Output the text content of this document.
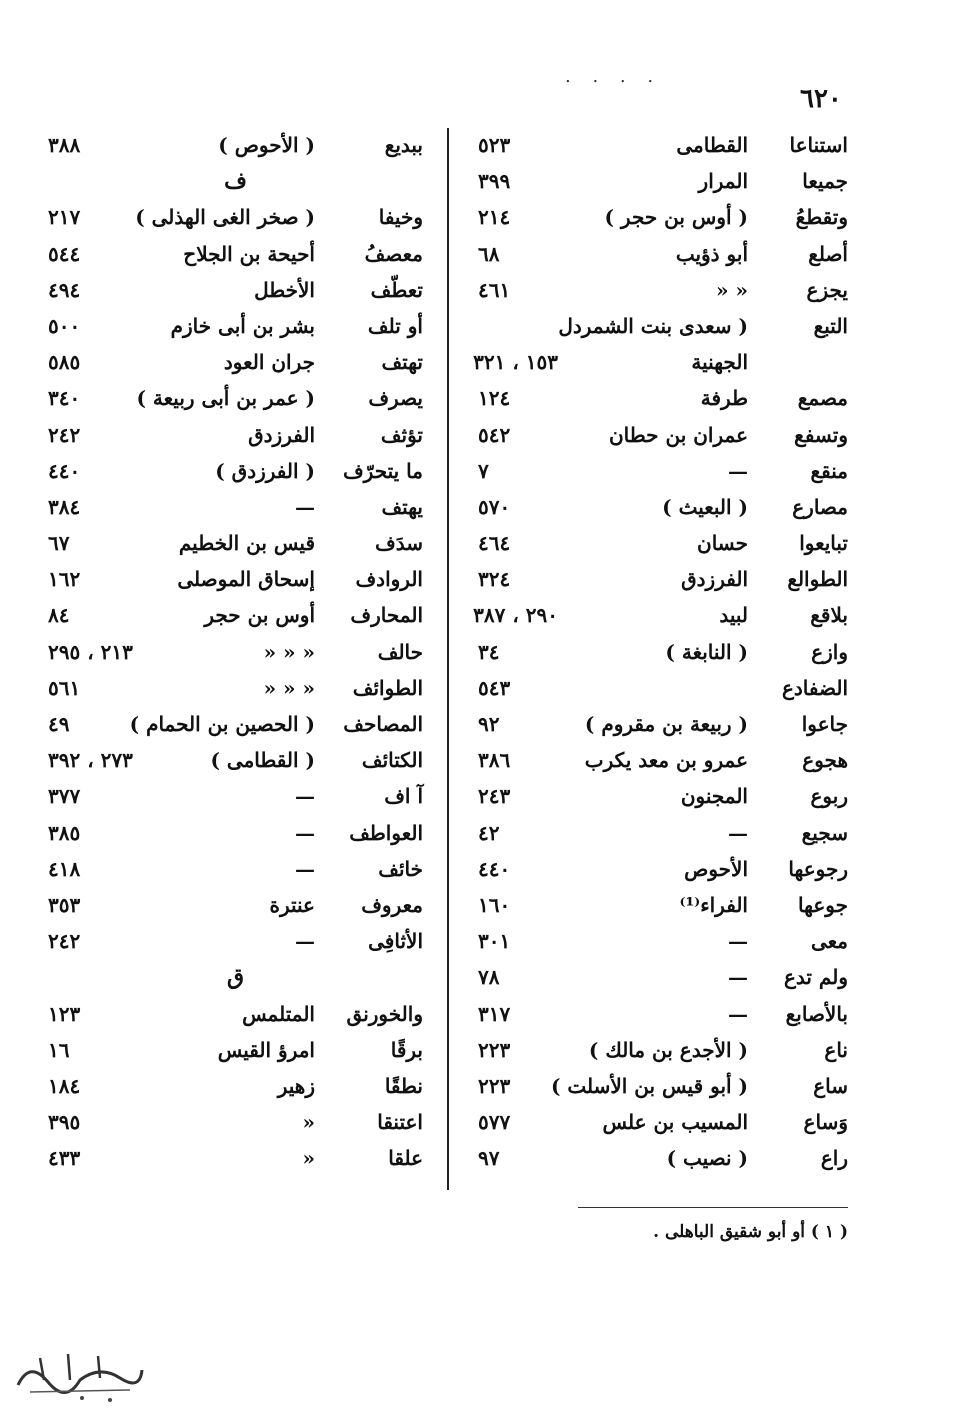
. . . .
٦٢٠
استناعا
القطامى
٥٢٣
جميعا
المرار
٣٩٩
وتقطعُ
( أوس بن حجر )
٢١٤
أصلع
أبو ذؤيب
٦٨
يجزع
« «
٤٦١
التبع
( سعدى بنت الشمردل
الجهنية
١٥٣ ، ٣٢١
مصمع
طرفة
١٢٤
وتسفع
عمران بن حطان
٥٤٢
منقع
—
٧
مصارع
( البعيث )
٥٧٠
تبايعوا
حسان
٤٦٤
الطوالع
الفرزدق
٣٢٤
بلاقع
لبيد
٢٩٠ ، ٣٨٧
وازع
( النابغة )
٣٤
الضفادع
٥٤٣
جاعوا
( ربيعة بن مقروم )
٩٢
هجوع
عمرو بن معد يكرب
٣٨٦
ربوع
المجنون
٢٤٣
سجيع
—
٤٢
رجوعها
الأحوص
٤٤٠
جوعها
الفراء⁽¹⁾
١٦٠
معى
—
٣٠١
ولم تدع
—
٧٨
بالأصابع
—
٣١٧
ناع
( الأجدع بن مالك )
٢٢٣
ساع
( أبو قيس بن الأسلت )
٢٢٣
وَساع
المسيب بن علس
٥٧٧
راع
( نصيب )
٩٧
ببديع
( الأحوص )
٣٨٨
ف
وخيفا
( صخر الغى الهذلى )
٢١٧
معصفُ
أحيحة بن الجلاح
٥٤٤
تعطّف
الأخطل
٤٩٤
أو تلف
بشر بن أبى خازم
٥٠٠
تهتف
جران العود
٥٨٥
يصرف
( عمر بن أبى ربيعة )
٣٤٠
تؤثف
الفرزدق
٢٤٢
ما يتحرّف
( الفرزدق )
٤٤٠
يهتف
—
٣٨٤
سدَف
قيس بن الخطيم
٦٧
الروادف
إسحاق الموصلى
١٦٢
المحارف
أوس بن حجر
٨٤
حالف
« « «
٢١٣ ، ٢٩٥
الطوائف
« « «
٥٦١
المصاحف
( الحصين بن الحمام )
٤٩
الكتائف
( القطامى )
٢٧٣ ، ٣٩٢
آ اف
—
٣٧٧
العواطف
—
٣٨٥
خائف
—
٤١٨
معروف
عنترة
٣٥٣
الأثافِى
—
٢٤٢
ق
والخورنق
المتلمس
١٢٣
برقًا
امرؤ القيس
١٦
نطقًا
زهير
١٨٤
اعتنقا
«
٣٩٥
علقا
«
٤٣٣
( ١ ) أو أبو شقيق الباهلى .
